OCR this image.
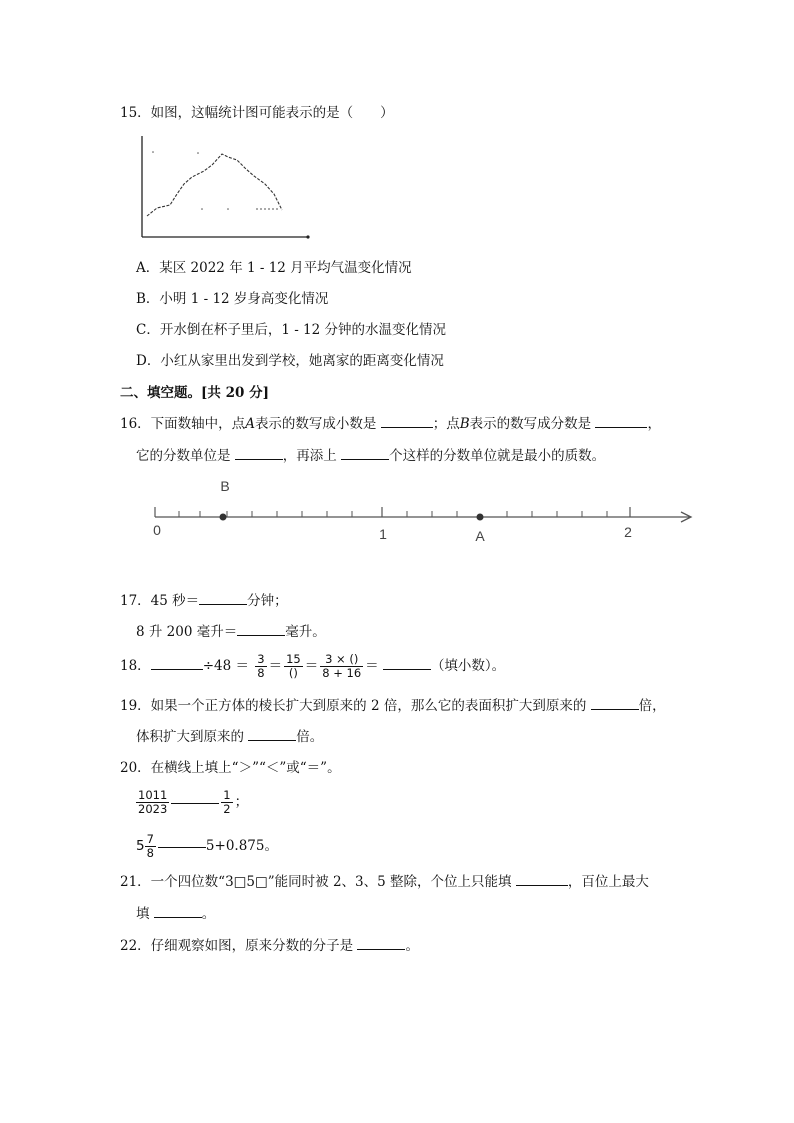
15．如图，这幅统计图可能表示的是（　　）
A．某区 2022 年 1 - 12 月平均气温变化情况
B．小明 1 - 12 岁身高变化情况
C．开水倒在杯子里后，1 - 12 分钟的水温变化情况
D．小红从家里出发到学校，她离家的距离变化情况
二、填空题。[共 20 分]
16．下面数轴中，点A表示的数写成小数是	；点B表示的数写成分数是	，
它的分数单位是	，再添上	个这样的分数单位就是最小的质数。
B
A
0	1	2
17．45 秒＝	分钟；
8 升 200 毫升＝	毫升。
18．	$\div 48 = \frac{3}{8} = \frac{15}{()} = \frac{3 \times ()}{8 + 16}$ ＝	（填小数）。
19．如果一个正方体的棱长扩大到原来的 2 倍，那么它的表面积扩大到原来的	倍，
体积扩大到原来的	倍。
20．在横线上填上“＞”“＜”或“＝”。
$\frac{1011}{2023}$	$\frac{1}{2}$ ；
$5 \frac{7}{8}$	5+0.875。
21．一个四位数“3□5□”能同时被 2、3、5 整除，个位上只能填	，百位上最大
填	。
22．仔细观察如图，原来分数的分子是	。
